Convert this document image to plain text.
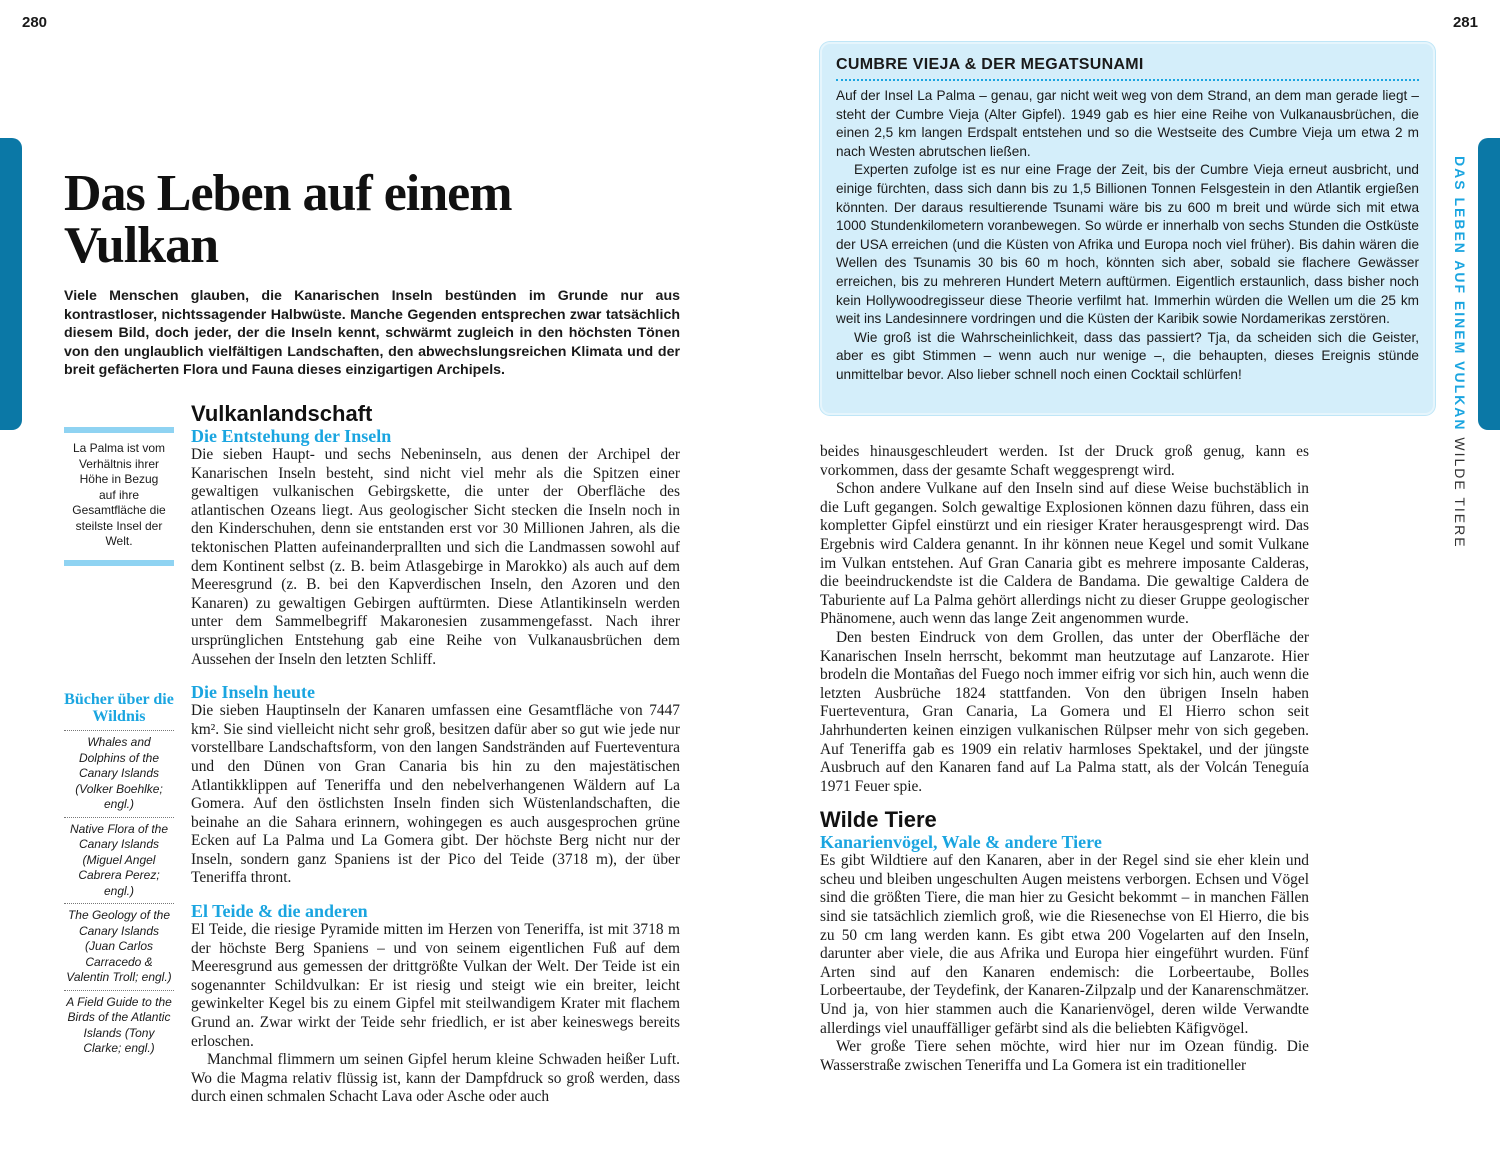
280	281
DAS LEBEN AUF EINEM VULKAN WILDE TIERE
Das Leben auf einem Vulkan

Viele Menschen glauben, die Kanarischen Inseln bestünden im Grunde nur aus kontrastloser, nichtssagender Halbwüste. Manche Gegenden entsprechen zwar tatsächlich diesem Bild, doch jeder, der die Inseln kennt, schwärmt zugleich in den höchsten Tönen von den unglaublich vielfältigen Landschaften, den abwechslungsreichen Klimata und der breit gefächerten Flora und Fauna dieses einzigartigen Archipels.

La Palma ist vom Verhältnis ihrer Höhe in Bezug auf ihre Gesamtfläche die steilste Insel der Welt.

Bücher über die Wildnis
Whales and Dolphins of the Canary Islands (Volker Boehlke; engl.)
Native Flora of the Canary Islands (Miguel Angel Cabrera Perez; engl.)
The Geology of the Canary Islands (Juan Carlos Carracedo & Valentin Troll; engl.)
A Field Guide to the Birds of the Atlantic Islands (Tony Clarke; engl.)
Vulkanlandschaft
Die Entstehung der Inseln

Die sieben Haupt- und sechs Nebeninseln, aus denen der Archipel der Kanarischen Inseln besteht, sind nicht viel mehr als die Spitzen einer gewaltigen vulkanischen Gebirgskette, die unter der Oberfläche des atlantischen Ozeans liegt. Aus geologischer Sicht stecken die Inseln noch in den Kinderschuhen, denn sie entstanden erst vor 30 Millionen Jahren, als die tektonischen Platten aufeinanderprallten und sich die Landmassen sowohl auf dem Kontinent selbst (z. B. beim Atlasgebirge in Marokko) als auch auf dem Meeresgrund (z. B. bei den Kapverdischen Inseln, den Azoren und den Kanaren) zu gewaltigen Gebirgen auftürmten. Diese Atlantikinseln werden unter dem Sammelbegriff Makaronesien zusammengefasst. Nach ihrer ursprünglichen Entstehung gab eine Reihe von Vulkanausbrüchen dem Aussehen der Inseln den letzten Schliff.

Die Inseln heute

Die sieben Hauptinseln der Kanaren umfassen eine Gesamtfläche von 7447 km². Sie sind vielleicht nicht sehr groß, besitzen dafür aber so gut wie jede nur vorstellbare Landschaftsform, von den langen Sandstränden auf Fuerteventura und den Dünen von Gran Canaria bis hin zu den majestätischen Atlantikklippen auf Teneriffa und den nebelverhangenen Wäldern auf La Gomera. Auf den östlichsten Inseln finden sich Wüstenlandschaften, die beinahe an die Sahara erinnern, wohingegen es auch ausgesprochen grüne Ecken auf La Palma und La Gomera gibt. Der höchste Berg nicht nur der Inseln, sondern ganz Spaniens ist der Pico del Teide (3718 m), der über Teneriffa thront.

El Teide & die anderen

El Teide, die riesige Pyramide mitten im Herzen von Teneriffa, ist mit 3718 m der höchste Berg Spaniens – und von seinem eigentlichen Fuß auf dem Meeresgrund aus gemessen der drittgrößte Vulkan der Welt. Der Teide ist ein sogenannter Schildvulkan: Er ist riesig und steigt wie ein breiter, leicht gewinkelter Kegel bis zu einem Gipfel mit steilwandigem Krater mit flachem Grund an. Zwar wirkt der Teide sehr friedlich, er ist aber keineswegs bereits erloschen.

Manchmal flimmern um seinen Gipfel herum kleine Schwaden heißer Luft. Wo die Magma relativ flüssig ist, kann der Dampfdruck so groß werden, dass durch einen schmalen Schacht Lava oder Asche oder auch

CUMBRE VIEJA & DER MEGATSUNAMI

Auf der Insel La Palma – genau, gar nicht weit weg von dem Strand, an dem man gerade liegt – steht der Cumbre Vieja (Alter Gipfel). 1949 gab es hier eine Reihe von Vulkanausbrüchen, die einen 2,5 km langen Erdspalt entstehen und so die Westseite des Cumbre Vieja um etwa 2 m nach Westen abrutschen ließen.

Experten zufolge ist es nur eine Frage der Zeit, bis der Cumbre Vieja erneut ausbricht, und einige fürchten, dass sich dann bis zu 1,5 Billionen Tonnen Felsgestein in den Atlantik ergießen könnten. Der daraus resultierende Tsunami wäre bis zu 600 m breit und würde sich mit etwa 1000 Stundenkilometern voranbewegen. So würde er innerhalb von sechs Stunden die Ostküste der USA erreichen (und die Küsten von Afrika und Europa noch viel früher). Bis dahin wären die Wellen des Tsunamis 30 bis 60 m hoch, könnten sich aber, sobald sie flachere Gewässer erreichen, bis zu mehreren Hundert Metern auftürmen. Eigentlich erstaunlich, dass bisher noch kein Hollywoodregisseur diese Theorie verfilmt hat. Immerhin würden die Wellen um die 25 km weit ins Landesinnere vordringen und die Küsten der Karibik sowie Nordamerikas zerstören.

Wie groß ist die Wahrscheinlichkeit, dass das passiert? Tja, da scheiden sich die Geister, aber es gibt Stimmen – wenn auch nur wenige –, die behaupten, dieses Ereignis stünde unmittelbar bevor. Also lieber schnell noch einen Cocktail schlürfen!

beides hinausgeschleudert werden. Ist der Druck groß genug, kann es vorkommen, dass der gesamte Schaft weggesprengt wird.

Schon andere Vulkane auf den Inseln sind auf diese Weise buchstäblich in die Luft gegangen. Solch gewaltige Explosionen können dazu führen, dass ein kompletter Gipfel einstürzt und ein riesiger Krater herausgesprengt wird. Das Ergebnis wird Caldera genannt. In ihr können neue Kegel und somit Vulkane im Vulkan entstehen. Auf Gran Canaria gibt es mehrere imposante Calderas, die beeindruckendste ist die Caldera de Bandama. Die gewaltige Caldera de Taburiente auf La Palma gehört allerdings nicht zu dieser Gruppe geologischer Phänomene, auch wenn das lange Zeit angenommen wurde.

Den besten Eindruck von dem Grollen, das unter der Oberfläche der Kanarischen Inseln herrscht, bekommt man heutzutage auf Lanzarote. Hier brodeln die Montañas del Fuego noch immer eifrig vor sich hin, auch wenn die letzten Ausbrüche 1824 stattfanden. Von den übrigen Inseln haben Fuerteventura, Gran Canaria, La Gomera und El Hierro schon seit Jahrhunderten keinen einzigen vulkanischen Rülpser mehr von sich gegeben. Auf Teneriffa gab es 1909 ein relativ harmloses Spektakel, und der jüngste Ausbruch auf den Kanaren fand auf La Palma statt, als der Volcán Teneguía 1971 Feuer spie.

Wilde Tiere
Kanarienvögel, Wale & andere Tiere

Es gibt Wildtiere auf den Kanaren, aber in der Regel sind sie eher klein und scheu und bleiben ungeschulten Augen meistens verborgen. Echsen und Vögel sind die größten Tiere, die man hier zu Gesicht bekommt – in manchen Fällen sind sie tatsächlich ziemlich groß, wie die Riesenechse von El Hierro, die bis zu 50 cm lang werden kann. Es gibt etwa 200 Vogelarten auf den Inseln, darunter aber viele, die aus Afrika und Europa hier eingeführt wurden. Fünf Arten sind auf den Kanaren endemisch: die Lorbeertaube, Bolles Lorbeertaube, der Teydefink, der Kanaren-Zilpzalp und der Kanarenschmätzer. Und ja, von hier stammen auch die Kanarienvögel, deren wilde Verwandte allerdings viel unauffälliger gefärbt sind als die beliebten Käfigvögel.

Wer große Tiere sehen möchte, wird hier nur im Ozean fündig. Die Wasserstraße zwischen Teneriffa und La Gomera ist ein traditioneller
